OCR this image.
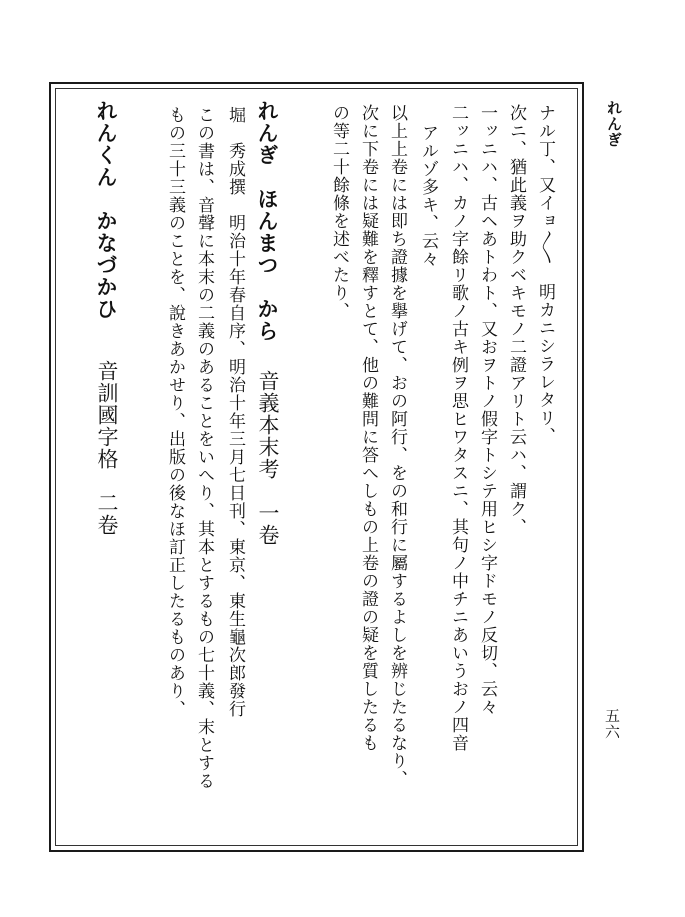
れんぎ
五六
ナル丁、又イョ〳〵　明カニシラレタリ、
次ニ、猶此義ヲ助クベキモノ二證アリト云ハ、謂ク、
一ッニハ、古ヘあトわト、又おヲトノ假字トシテ用ヒシ字ドモノ反切、云々
二ッニハ、カノ字餘リ歌ノ古キ例ヲ思ヒワタスニ、其句ノ中チニあいうおノ四音
アルゾ多キ、云々
以上上卷には即ち證據を擧げて、おの阿行、をの和行に屬するよしを辨じたるなり、
次に下卷には疑難を釋すとて、他の難問に答へしもの上卷の證の疑を質したるも
の等二十餘條を述べたり、
れんぎ　ほんまつ　から
音義本末考　一卷
堀　秀成撰　明治十年春自序、明治十年三月七日刊、東京、東生龜次郎發行
この書は、音聲に本末の二義のあることをいへり、其本とするもの七十義、末とする
もの三十三義のことを、說きあかせり、出版の後なほ訂正したるものあり、
れんくん　かなづかひ
音訓國字格　二卷
